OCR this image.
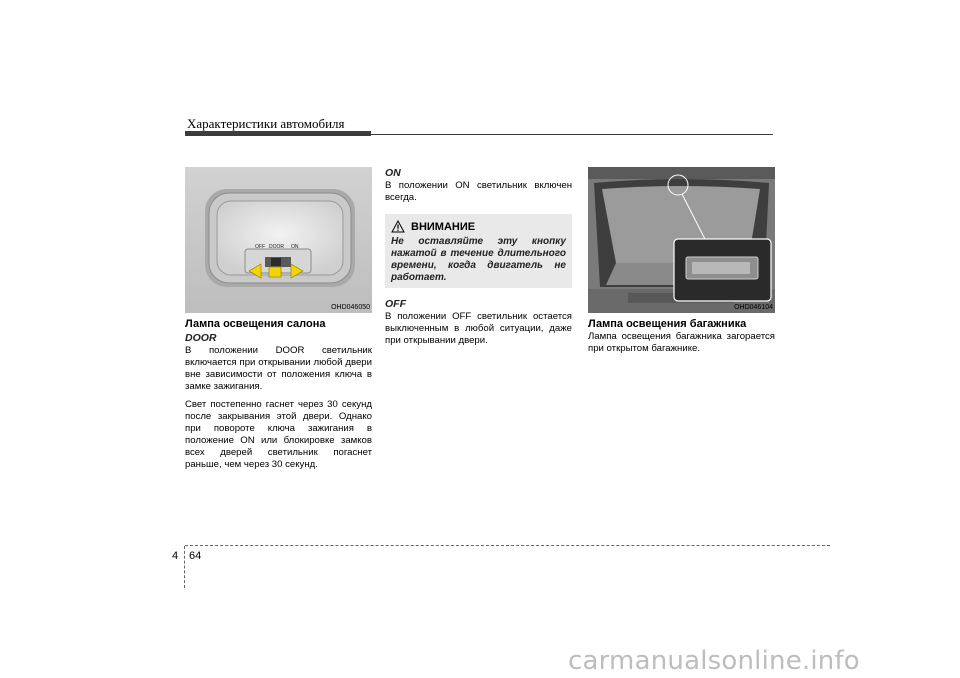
Характеристики автомобиля
OFF DOOR ON
OHD046050
Лампа освещения салона
DOOR

В положении DOOR светильник включается при открывании любой двери вне зависимости от положения ключа в замке зажигания.

Свет постепенно гаснет через 30 секунд после закрывания этой двери. Однако при повороте ключа зажигания в положение ON или блокировке замков всех дверей светильник погаснет раньше, чем через 30 секунд.

ON

В положении ON светильник включен всегда.

ВНИМАНИЕ

Не оставляйте эту кнопку нажатой в течение длительного времени, когда двигатель не работает.

OFF

В положении OFF светильник остается выключенным в любой ситуации, даже при открывании двери.

OHD046104
Лампа освещения багажника

Лампа освещения багажника загорается при открытом багажнике.

4 64
carmanualsonline.info
